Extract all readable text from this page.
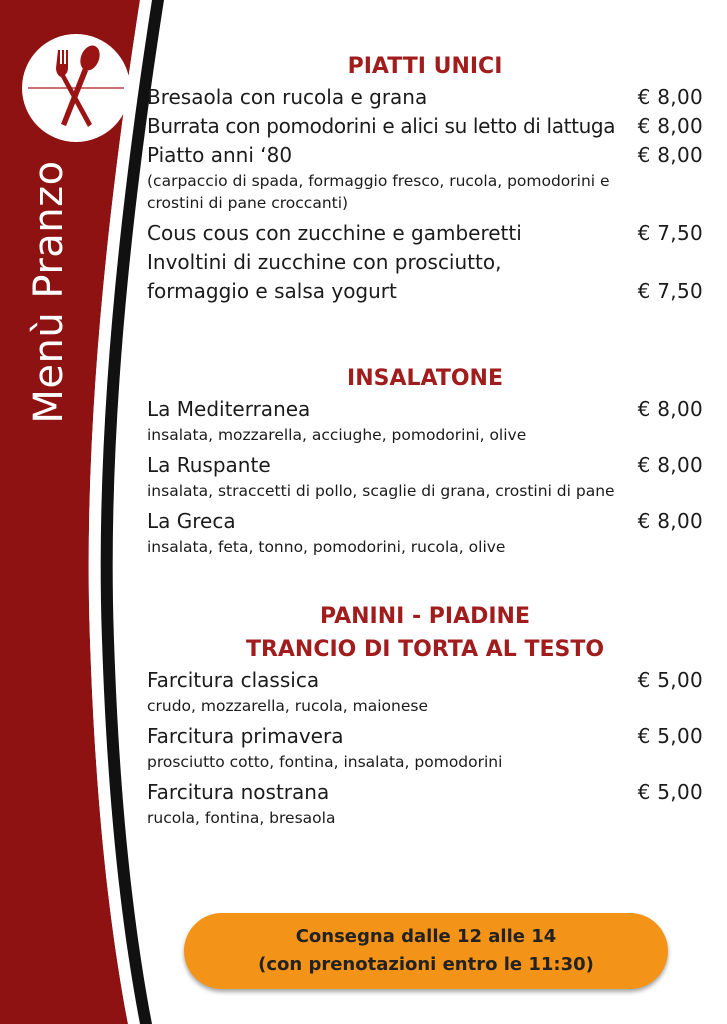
Menù Pranzo
PIATTI UNICI
Bresaola con rucola e grana	€ 8,00
Burrata con pomodorini e alici su letto di lattuga € 8,00
Piatto anni ‘80	€ 8,00
(carpaccio di spada, formaggio fresco, rucola, pomodorini e crostini di pane croccanti)
Cous cous con zucchine e gamberetti	€ 7,50
Involtini di zucchine con prosciutto,
formaggio e salsa yogurt	€ 7,50
INSALATONE
La Mediterranea	€ 8,00
insalata, mozzarella, acciughe, pomodorini, olive
La Ruspante	€ 8,00
insalata, straccetti di pollo, scaglie di grana, crostini di pane
La Greca	€ 8,00
insalata, feta, tonno, pomodorini, rucola, olive
PANINI - PIADINE
TRANCIO DI TORTA AL TESTO
Farcitura classica	€ 5,00
crudo, mozzarella, rucola, maionese
Farcitura primavera	€ 5,00
prosciutto cotto, fontina, insalata, pomodorini
Farcitura nostrana	€ 5,00
rucola, fontina, bresaola
Consegna dalle 12 alle 14
(con prenotazioni entro le 11:30)
